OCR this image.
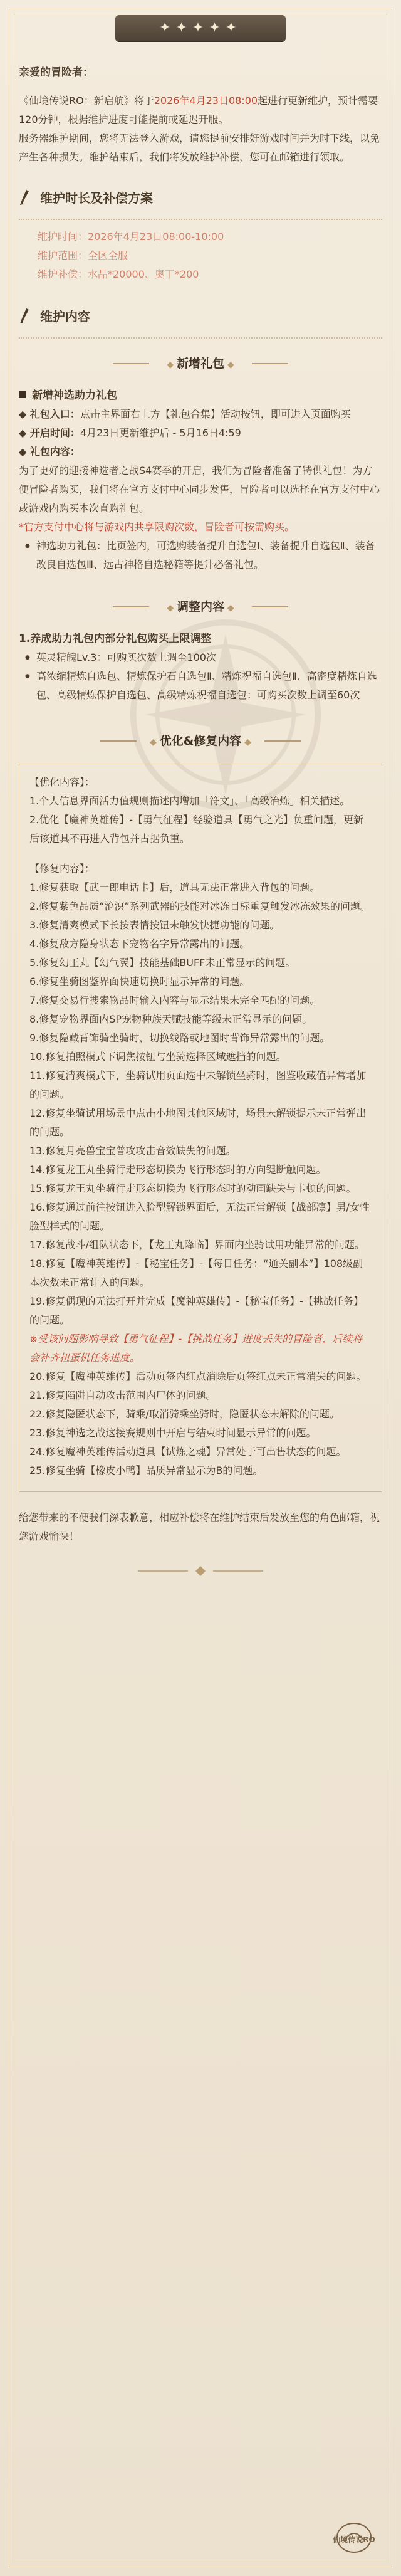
✦✦✦✦✦

亲爱的冒险者：

《仙境传说RO：新启航》将于2026年4月23日08:00起进行更新维护，预计需要120分钟，根据维护进度可能提前或延迟开服。

服务器维护期间，您将无法登入游戏，请您提前安排好游戏时间并为时下线，以免产生各种损失。维护结束后，我们将发放维护补偿，您可在邮箱进行领取。

维护时长及补偿方案

维护时间：2026年4月23日08:00-10:00

维护范围：全区全服

维护补偿：水晶*20000、奥丁*200

维护内容
◆ 新增礼包 ◆

新增神选助力礼包

◆ 礼包入口：点击主界面右上方【礼包合集】活动按钮，即可进入页面购买

◆ 开启时间：4月23日更新维护后 - 5月16日4:59

◆ 礼包内容：

为了更好的迎接神选者之战S4赛季的开启，我们为冒险者准备了特供礼包！为方便冒险者购买，我们将在官方支付中心同步发售，冒险者可以选择在官方支付中心或游戏内购买本次直购礼包。

*官方支付中心将与游戏内共享限购次数，冒险者可按需购买。

● 神选助力礼包：比页签内，可选购装备提升自选包Ⅰ、装备提升自选包Ⅱ、装备改良自选包Ⅲ、远古神格自选秘箱等提升必备礼包。

◆ 调整内容 ◆

1.养成助力礼包内部分礼包购买上限调整

● 英灵精魄Lv.3：可购买次数上调至100次

● 高浓缩精炼自选包、精炼保护石自选包Ⅱ、精炼祝福自选包Ⅱ、高密度精炼自选包、高级精炼保护自选包、高级精炼祝福自选包：可购买次数上调至60次

◆ 优化&修复内容 ◆

【优化内容】：

1.个人信息界面活力值规则描述内增加「符文」、「高级冶炼」相关描述。

2.优化【魔神英雄传】-【勇气征程】经验道具【勇气之光】负重问题，更新后该道具不再进入背包并占据负重。

【修复内容】：

1.修复获取【武一郎电话卡】后，道具无法正常进入背包的问题。

2.修复紫色品质“沧溟”系列武器的技能对冰冻目标重复触发冰冻效果的问题。

3.修复清爽模式下长按表情按钮未触发快捷功能的问题。

4.修复敌方隐身状态下宠物名字异常露出的问题。

5.修复幻王丸【幻气翼】技能基础BUFF未正常显示的问题。

6.修复坐骑图鉴界面快速切换时显示异常的问题。

7.修复交易行搜索物品时输入内容与显示结果未完全匹配的问题。

8.修复宠物界面内SP宠物种族天赋技能等级未正常显示的问题。

9.修复隐藏背饰骑坐骑时，切换线路或地图时背饰异常露出的问题。

10.修复拍照模式下调焦按钮与坐骑选择区域遮挡的问题。

11.修复清爽模式下，坐骑试用页面选中未解锁坐骑时，图鉴收藏值异常增加的问题。

12.修复坐骑试用场景中点击小地图其他区域时，场景未解锁提示未正常弹出的问题。

13.修复月亮兽宝宝普攻攻击音效缺失的问题。

14.修复龙王丸坐骑行走形态切换为飞行形态时的方向键断触问题。

15.修复龙王丸坐骑行走形态切换为飞行形态时的动画缺失与卡顿的问题。

16.修复通过前往按钮进入脸型解锁界面后，无法正常解锁【战部凛】男/女性脸型样式的问题。

17.修复战斗/组队状态下，【龙王丸降临】界面内坐骑试用功能异常的问题。

18.修复【魔神英雄传】-【秘宝任务】-【每日任务：“通关副本”】108级副本次数未正常计入的问题。

19.修复偶现的无法打开并完成【魔神英雄传】-【秘宝任务】-【挑战任务】的问题。

※受该问题影响导致【勇气征程】-【挑战任务】进度丢失的冒险者，后续将会补齐扭蛋机任务进度。

20.修复【魔神英雄传】活动页签内红点消除后页签红点未正常消失的问题。

21.修复陷阱自动攻击范围内尸体的问题。

22.修复隐匿状态下，骑乘/取消骑乘坐骑时，隐匿状态未解除的问题。

23.修复神选之战这接赛规则中开启与结束时间显示异常的问题。

24.修复魔神英雄传活动道具【试炼之魂】异常处于可出售状态的问题。

25.修复坐骑【橡皮小鸭】品质异常显示为B的问题。

给您带来的不便我们深表歉意，相应补偿将在维护结束后发放至您的角色邮箱，祝您游戏愉快！

仙境传说RO
